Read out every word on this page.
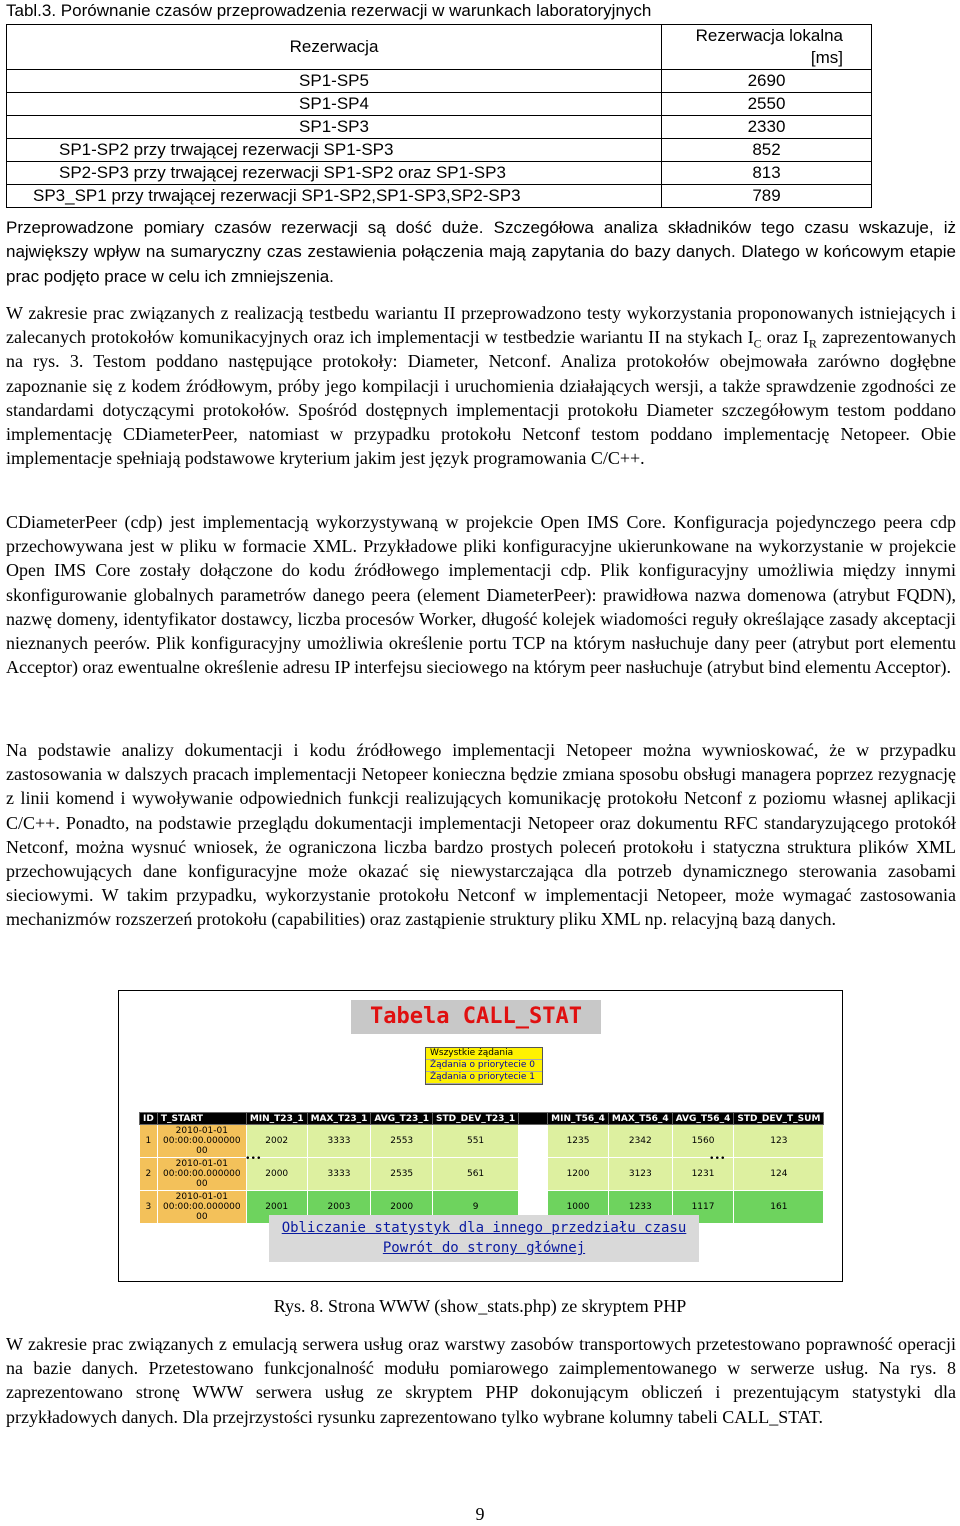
Tabl.3. Porównanie czasów przeprowadzenia rezerwacji w warunkach laboratoryjnych
Rezerwacja	Rezerwacja lokalna [ms]
SP1-SP5	2690
SP1-SP4	2550
SP1-SP3	2330
SP1-SP2 przy trwającej rezerwacji SP1-SP3	852
SP2-SP3 przy trwającej rezerwacji SP1-SP2 oraz SP1-SP3	813
SP3_SP1 przy trwającej rezerwacji SP1-SP2,SP1-SP3,SP2-SP3	789

Przeprowadzone pomiary czasów rezerwacji są dość duże. Szczegółowa analiza składników tego czasu wskazuje, iż największy wpływ na sumaryczny czas zestawienia połączenia mają zapytania do bazy danych. Dlatego w końcowym etapie prac podjęto prace w celu ich zmniejszenia.

W zakresie prac związanych z realizacją testbedu wariantu II przeprowadzono testy wykorzystania proponowanych istniejących i zalecanych protokołów komunikacyjnych oraz ich implementacji w testbedzie wariantu II na stykach $I_C$ oraz $I_R$ zaprezentowanych na rys. 3. Testom poddano następujące protokoły: Diameter, Netconf. Analiza protokołów obejmowała zarówno dogłębne zapoznanie się z kodem źródłowym, próby jego kompilacji i uruchomienia działających wersji, a także sprawdzenie zgodności ze standardami dotyczącymi protokołów. Spośród dostępnych implementacji protokołu Diameter szczegółowym testom poddano implementację CDiameterPeer, natomiast w przypadku protokołu Netconf testom poddano implementację Netopeer. Obie implementacje spełniają podstawowe kryterium jakim jest język programowania C/C++.

CDiameterPeer (cdp) jest implementacją wykorzystywaną w projekcie Open IMS Core. Konfiguracja pojedynczego peera cdp przechowywana jest w pliku w formacie XML. Przykładowe pliki konfiguracyjne ukierunkowane na wykorzystanie w projekcie Open IMS Core zostały dołączone do kodu źródłowego implementacji cdp. Plik konfiguracyjny umożliwia między innymi skonfigurowanie globalnych parametrów danego peera (element DiameterPeer): prawidłowa nazwa domenowa (atrybut FQDN), nazwę domeny, identyfikator dostawcy, liczba procesów Worker, długość kolejek wiadomości reguły określające zasady akceptacji nieznanych peerów. Plik konfiguracyjny umożliwia określenie portu TCP na którym nasłuchuje dany peer (atrybut port elementu Acceptor) oraz ewentualne określenie adresu IP interfejsu sieciowego na którym peer nasłuchuje (atrybut bind elementu Acceptor).

Na podstawie analizy dokumentacji i kodu źródłowego implementacji Netopeer można wywnioskować, że w przypadku zastosowania w dalszych pracach implementacji Netopeer konieczna będzie zmiana sposobu obsługi managera poprzez rezygnację z linii komend i wywoływanie odpowiednich funkcji realizujących komunikację protokołu Netconf z poziomu własnej aplikacji C/C++. Ponadto, na podstawie przeglądu dokumentacji implementacji Netopeer oraz dokumentu RFC standaryzującego protokół Netconf, można wysnuć wniosek, że ograniczona liczba bardzo prostych poleceń protokołu i statyczna struktura plików XML przechowujących dane konfiguracyjne może okazać się niewystarczająca dla potrzeb dynamicznego sterowania zasobami sieciowymi. W takim przypadku, wykorzystanie protokołu Netconf w implementacji Netopeer, może wymagać zastosowania mechanizmów rozszerzeń protokołu (capabilities) oraz zastąpienie struktury pliku XML np. relacyjną bazą danych.

Tabela CALL_STAT
Wszystkie żądania
Żądania o priorytecie 0
Żądania o priorytecie 1
ID	T_START	MIN_T23_1	MAX_T23_1	AVG_T23_1	STD_DEV_T23_1		MIN_T56_4	MAX_T56_4	AVG_T56_4	STD_DEV_T_SUM
1	2010-01-01
00:00:00.000000
00	2002	3333	2553	551		1235	2342	1560	123
2	2010-01-01
00:00:00.000000
00	2000	3333	2535	561		1200	3123	1231	124
3	2010-01-01
00:00:00.000000
00	2001	2003	2000	9		1000	1233	1117	161
...	...
Obliczanie statystyk dla innego przedziału czasu
Powrót do strony głównej
Rys. 8. Strona WWW (show_stats.php) ze skryptem PHP

W zakresie prac związanych z emulacją serwera usług oraz warstwy zasobów transportowych przetestowano poprawność operacji na bazie danych. Przetestowano funkcjonalność modułu pomiarowego zaimplementowanego w serwerze usług. Na rys. 8 zaprezentowano stronę WWW serwera usług ze skryptem PHP dokonującym obliczeń i prezentującym statystyki dla przykładowych danych. Dla przejrzystości rysunku zaprezentowano tylko wybrane kolumny tabeli CALL_STAT.

9
